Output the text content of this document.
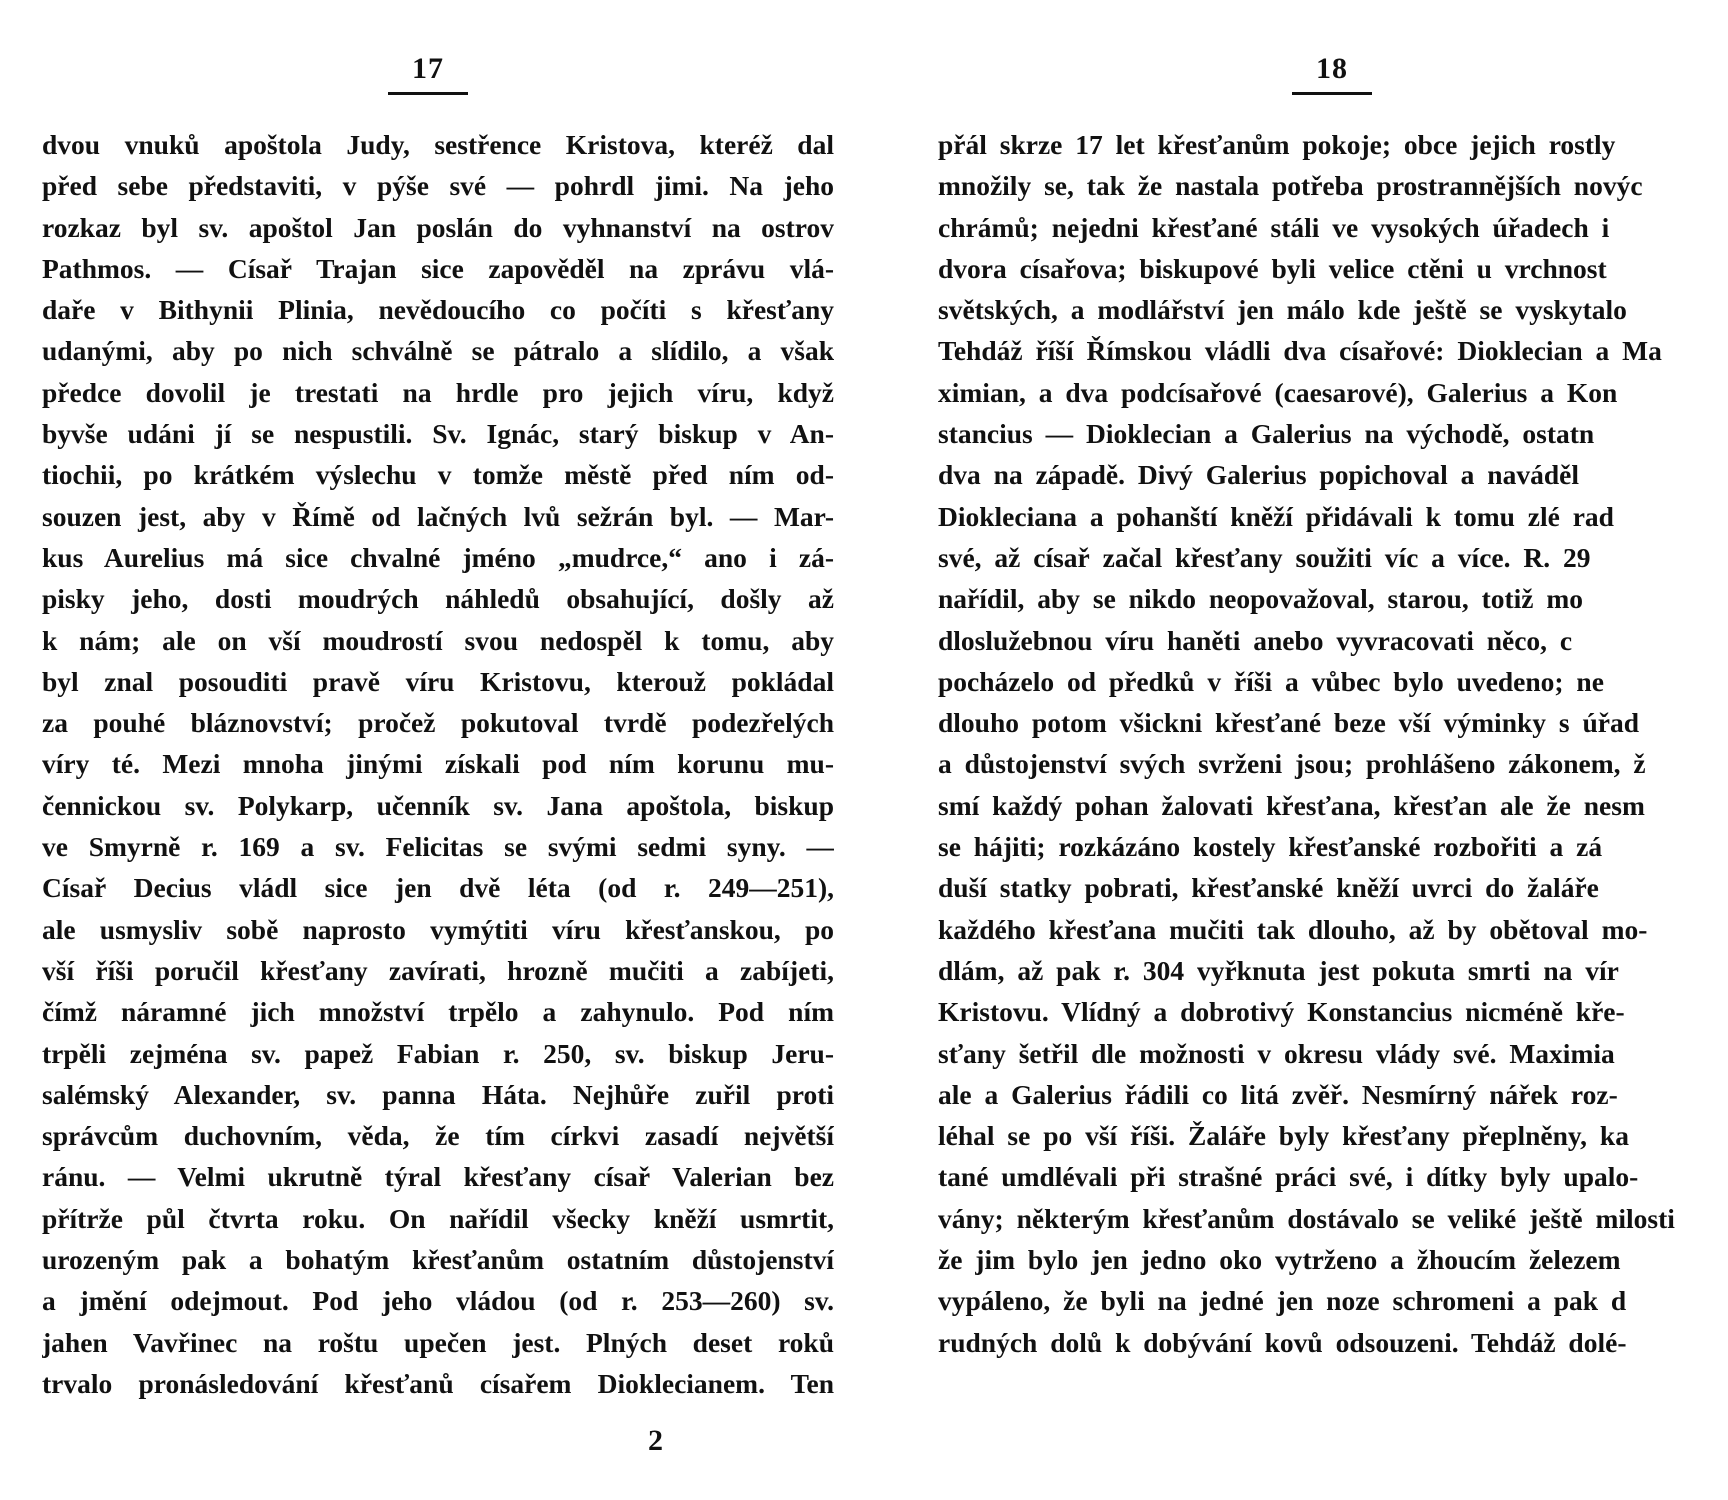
17
dvou vnuků apoštola Judy, sestřence Kristova, kteréž dal
před sebe představiti, v pýše své — pohrdl jimi. Na jeho
rozkaz byl sv. apoštol Jan poslán do vyhnanství na ostrov
Pathmos. — Císař Trajan sice zapověděl na zprávu vlá-
daře v Bithynii Plinia, nevědoucího co počíti s křesťany
udanými, aby po nich schválně se pátralo a slídilo, a však
předce dovolil je trestati na hrdle pro jejich víru, když
byvše udáni jí se nespustili. Sv. Ignác, starý biskup v An-
tiochii, po krátkém výslechu v tomže městě před ním od-
souzen jest, aby v Římě od lačných lvů sežrán byl. — Mar-
kus Aurelius má sice chvalné jméno „mudrce,“ ano i zá-
pisky jeho, dosti moudrých náhledů obsahující, došly až
k nám; ale on vší moudrostí svou nedospěl k tomu, aby
byl znal posouditi pravě víru Kristovu, kterouž pokládal
za pouhé bláznovství; pročež pokutoval tvrdě podezřelých
víry té. Mezi mnoha jinými získali pod ním korunu mu-
čennickou sv. Polykarp, učenník sv. Jana apoštola, biskup
ve Smyrně r. 169 a sv. Felicitas se svými sedmi syny. —
Císař Decius vládl sice jen dvě léta (od r. 249—251),
ale usmysliv sobě naprosto vymýtiti víru křesťanskou, po
vší říši poručil křesťany zavírati, hrozně mučiti a zabíjeti,
čímž náramné jich množství trpělo a zahynulo. Pod ním
trpěli zejména sv. papež Fabian r. 250, sv. biskup Jeru-
salémský Alexander, sv. panna Háta. Nejhůře zuřil proti
správcům duchovním, věda, že tím církvi zasadí největší
ránu. — Velmi ukrutně týral křesťany císař Valerian bez
přítrže půl čtvrta roku. On nařídil všecky kněží usmrtit,
urozeným pak a bohatým křesťanům ostatním důstojenství
a jmění odejmout. Pod jeho vládou (od r. 253—260) sv.
jahen Vavřinec na roštu upečen jest. Plných deset roků
trvalo pronásledování křesťanů císařem Dioklecianem. Ten
2
18
přál skrze 17 let křesťanům pokoje; obce jejich rostly
množily se, tak že nastala potřeba prostrannějších novýc
chrámů; nejedni křesťané stáli ve vysokých úřadech i
dvora císařova; biskupové byli velice ctěni u vrchnost
světských, a modlářství jen málo kde ještě se vyskytalo
Tehdáž říší Římskou vládli dva císařové: Dioklecian a Ma
ximian, a dva podcísařové (caesarové), Galerius a Kon
stancius — Dioklecian a Galerius na východě, ostatn
dva na západě. Divý Galerius popichoval a naváděl
Diokleciana a pohanští kněží přidávali k tomu zlé rad
své, až císař začal křesťany soužiti víc a více. R. 29
nařídil, aby se nikdo neopovažoval, starou, totiž mo
dloslužebnou víru haněti anebo vyvracovati něco, c
pocházelo od předků v říši a vůbec bylo uvedeno; ne
dlouho potom všickni křesťané beze vší výminky s úřad
a důstojenství svých svrženi jsou; prohlášeno zákonem, ž
smí každý pohan žalovati křesťana, křesťan ale že nesm
se hájiti; rozkázáno kostely křesťanské rozbořiti a zá
duší statky pobrati, křesťanské kněží uvrci do žaláře
každého křesťana mučiti tak dlouho, až by obětoval mo-
dlám, až pak r. 304 vyřknuta jest pokuta smrti na vír
Kristovu. Vlídný a dobrotivý Konstancius nicméně kře-
sťany šetřil dle možnosti v okresu vlády své. Maximia
ale a Galerius řádili co litá zvěř. Nesmírný nářek roz-
léhal se po vší říši. Žaláře byly křesťany přeplněny, ka
tané umdlévali při strašné práci své, i dítky byly upalo-
vány; některým křesťanům dostávalo se veliké ještě milosti
že jim bylo jen jedno oko vytrženo a žhoucím železem
vypáleno, že byli na jedné jen noze schromeni a pak d
rudných dolů k dobývání kovů odsouzeni. Tehdáž dolé-
